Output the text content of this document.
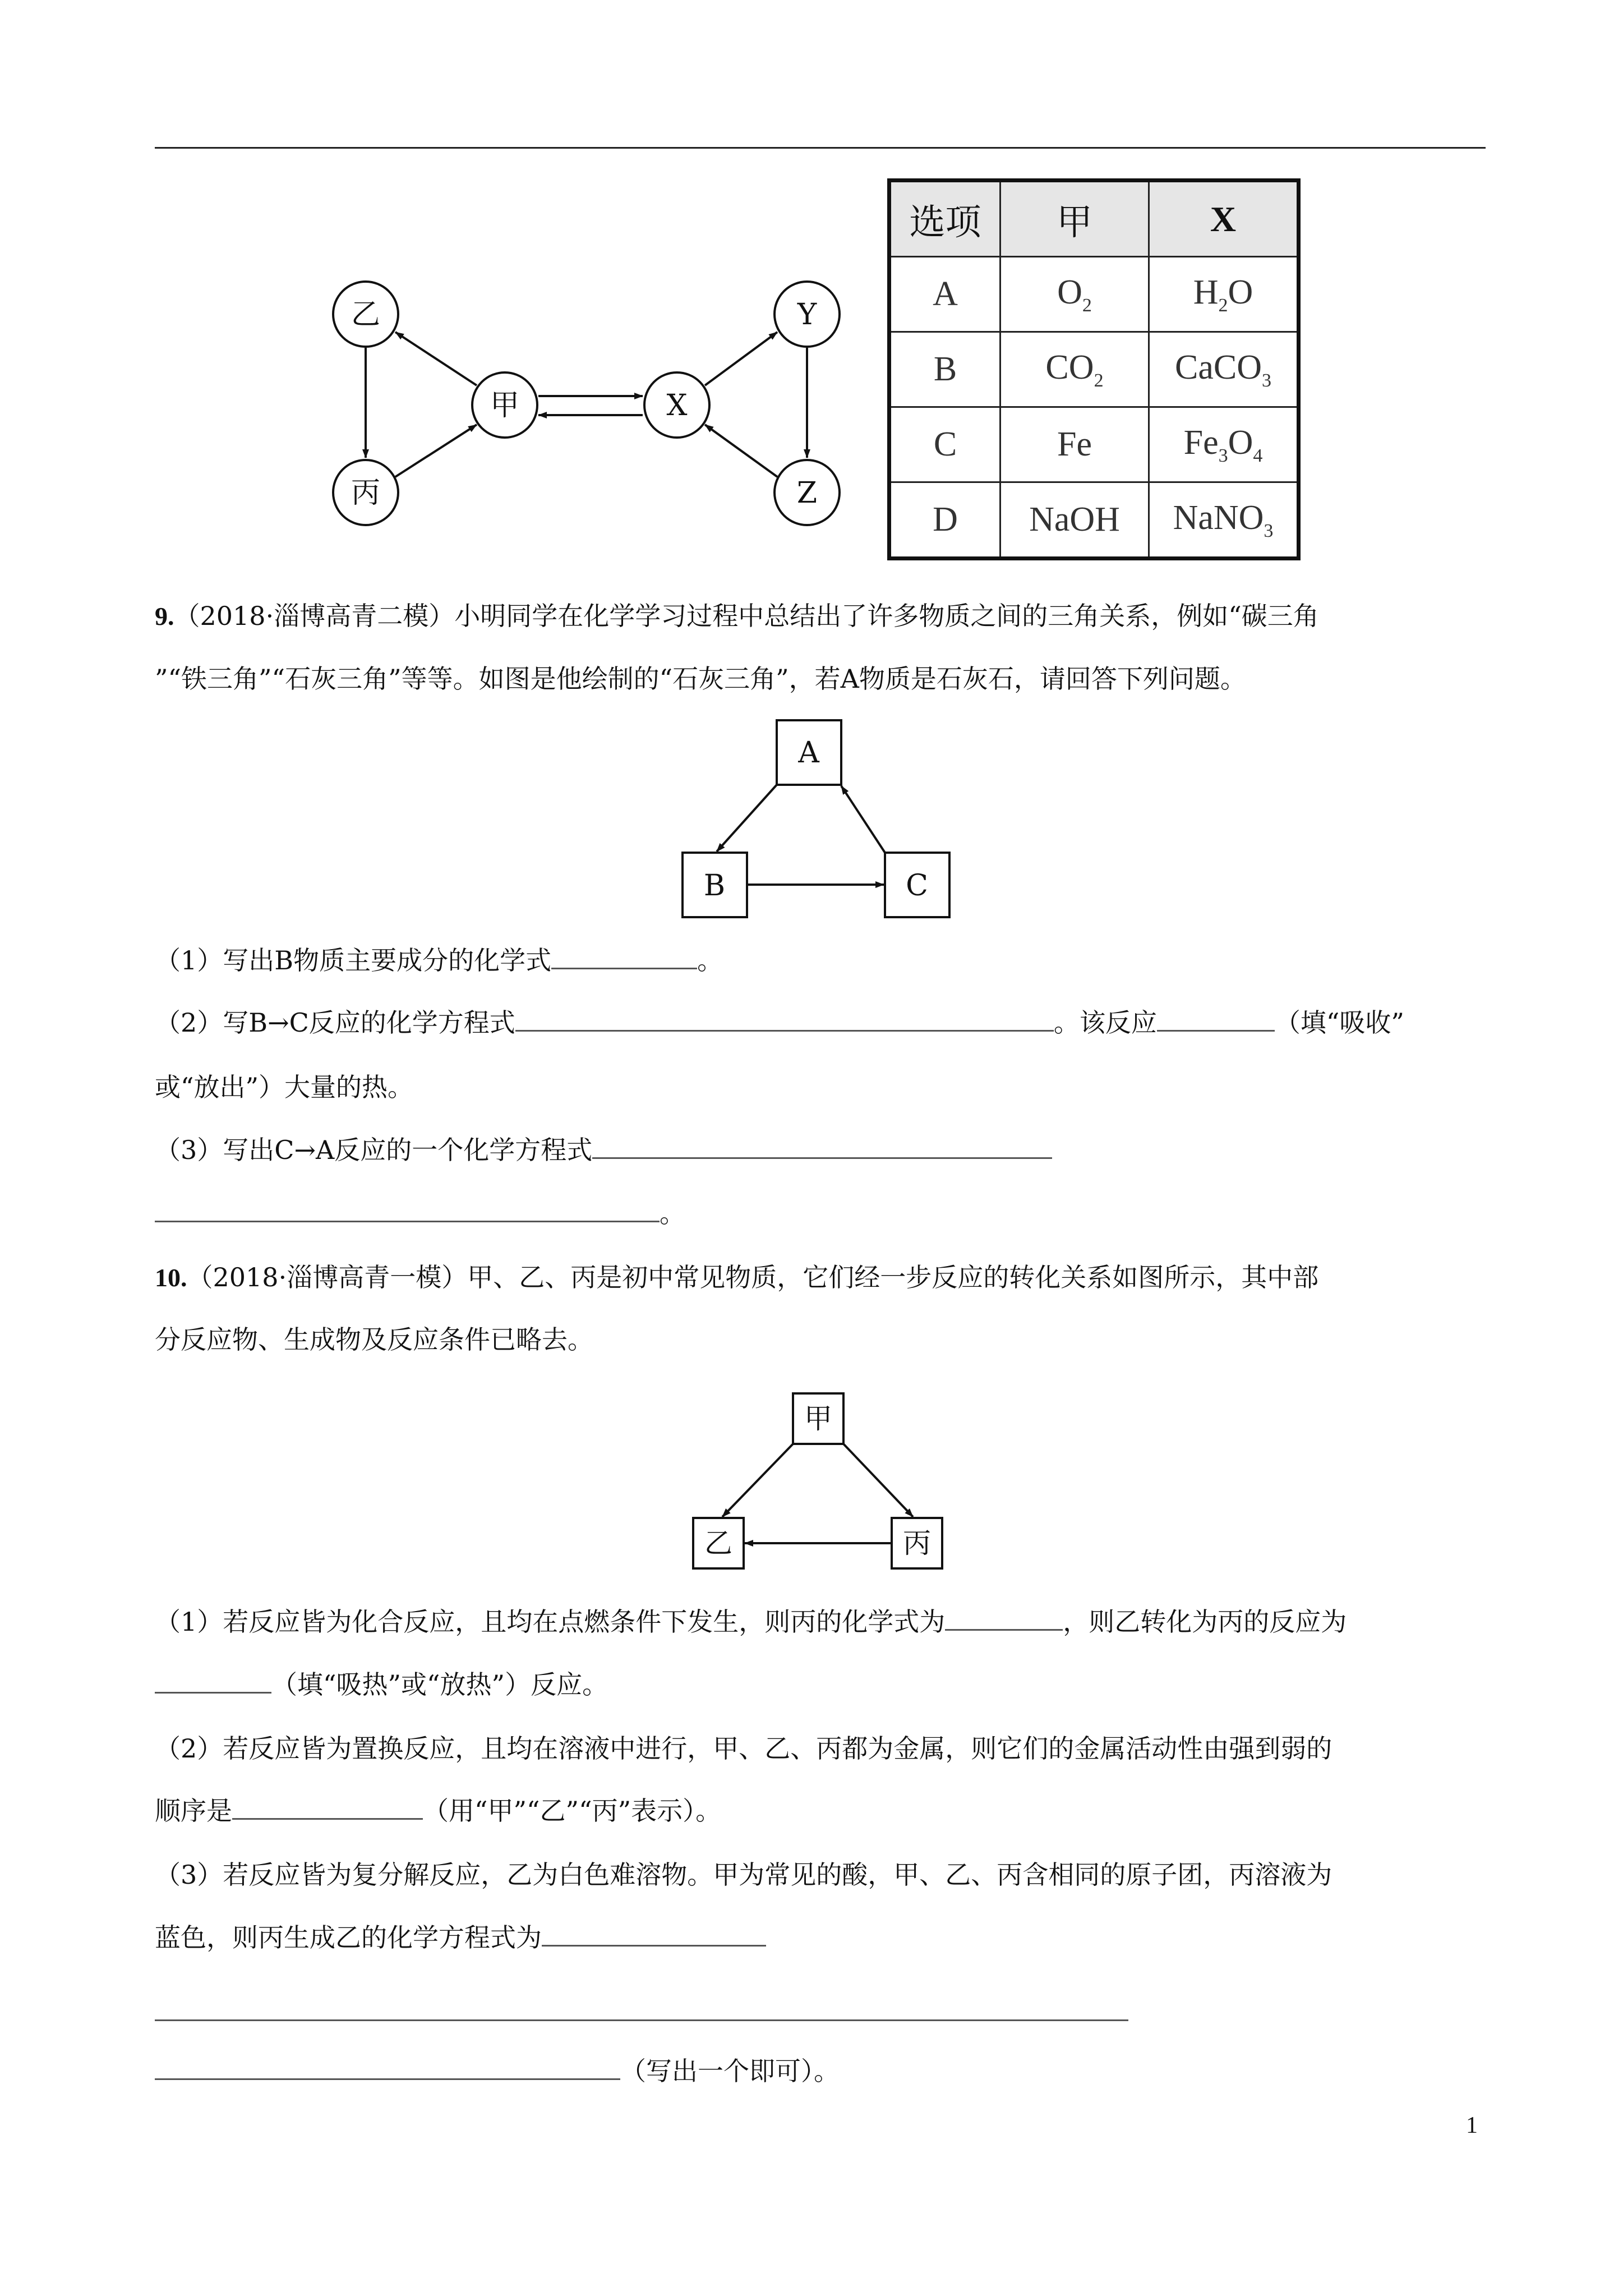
乙
丙
甲	X
Y
Z
选项	甲	X
A	$O_2$	$H_2O$
B	$CO_2$	CaCO$_3$
C	Fe	$Fe_3O_4$
D	NaOH	NaNO$_3$
9.（2018·淄博高青二模）小明同学在化学学习过程中总结出了许多物质之间的三角关系，例如“碳三角
”“铁三角”“石灰三角”等等。如图是他绘制的“石灰三角”，若A物质是石灰石，请回答下列问题。
A
B	C
（1）写出B物质主要成分的化学式	。
（2）写B→C反应的化学方程式	。该反应	（填“吸收”
或“放出”）大量的热。
（3）写出C→A反应的一个化学方程式
。
10.（2018·淄博高青一模）甲、乙、丙是初中常见物质，它们经一步反应的转化关系如图所示，其中部
分反应物、生成物及反应条件已略去。
甲
乙	丙
（1）若反应皆为化合反应，且均在点燃条件下发生，则丙的化学式为	，则乙转化为丙的反应为
（填“吸热”或“放热”）反应。
（2）若反应皆为置换反应，且均在溶液中进行，甲、乙、丙都为金属，则它们的金属活动性由强到弱的
顺序是	（用“甲”“乙”“丙”表示）。
（3）若反应皆为复分解反应，乙为白色难溶物。甲为常见的酸，甲、乙、丙含相同的原子团，丙溶液为
蓝色，则丙生成乙的化学方程式为
（写出一个即可）。
1
